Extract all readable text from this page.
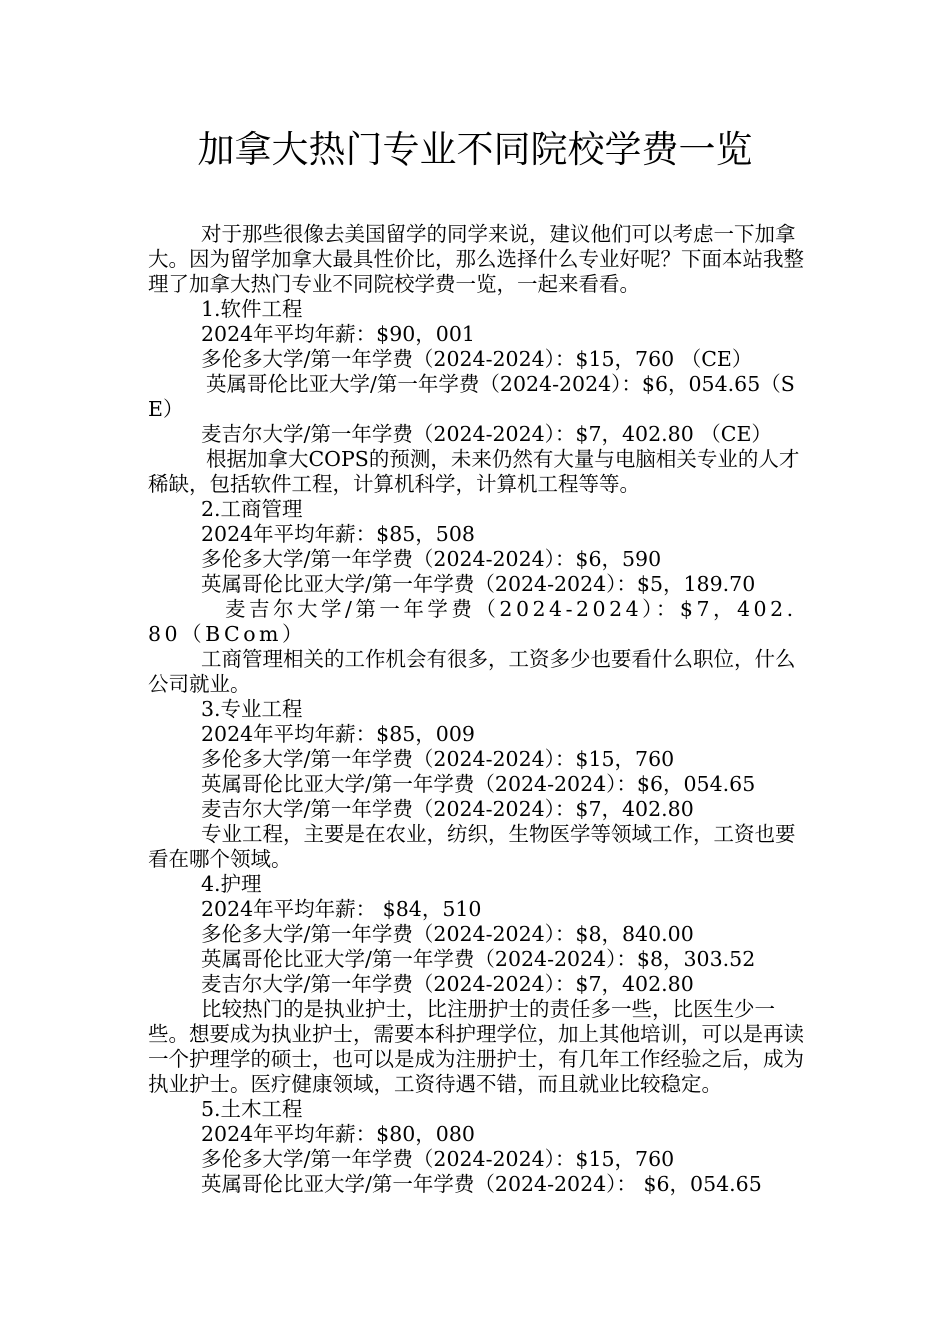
加拿大热门专业不同院校学费一览

对于那些很像去美国留学的同学来说，建议他们可以考虑一下加拿大。因为留学加拿大最具性价比，那么选择什么专业好呢？下面本站我整理了加拿大热门专业不同院校学费一览，一起来看看。

1.软件工程

2024年平均年薪：$90，001

多伦多大学/第一年学费（2024-2024）：$15，760 （CE）

英属哥伦比亚大学/第一年学费（2024-2024）：$6，054.65（SE）

麦吉尔大学/第一年学费（2024-2024）：$7，402.80 （CE）

根据加拿大COPS的预测，未来仍然有大量与电脑相关专业的人才稀缺，包括软件工程，计算机科学，计算机工程等等。

2.工商管理

2024年平均年薪：$85，508

多伦多大学/第一年学费（2024-2024）：$6，590

英属哥伦比亚大学/第一年学费（2024-2024）：$5，189.70

麦吉尔大学/第一年学费（2024-2024）：$7，402.80（BCom）

工商管理相关的工作机会有很多，工资多少也要看什么职位，什么公司就业。

3.专业工程

2024年平均年薪：$85，009

多伦多大学/第一年学费（2024-2024）：$15，760

英属哥伦比亚大学/第一年学费（2024-2024）：$6，054.65

麦吉尔大学/第一年学费（2024-2024）：$7，402.80

专业工程，主要是在农业，纺织，生物医学等领域工作，工资也要看在哪个领域。

4.护理

2024年平均年薪： $84，510

多伦多大学/第一年学费（2024-2024）：$8，840.00

英属哥伦比亚大学/第一年学费（2024-2024）：$8，303.52

麦吉尔大学/第一年学费（2024-2024）：$7，402.80

比较热门的是执业护士，比注册护士的责任多一些，比医生少一些。想要成为执业护士，需要本科护理学位，加上其他培训，可以是再读一个护理学的硕士，也可以是成为注册护士，有几年工作经验之后，成为执业护士。医疗健康领域，工资待遇不错，而且就业比较稳定。

5.土木工程

2024年平均年薪：$80，080

多伦多大学/第一年学费（2024-2024）：$15，760

英属哥伦比亚大学/第一年学费（2024-2024）： $6，054.65
